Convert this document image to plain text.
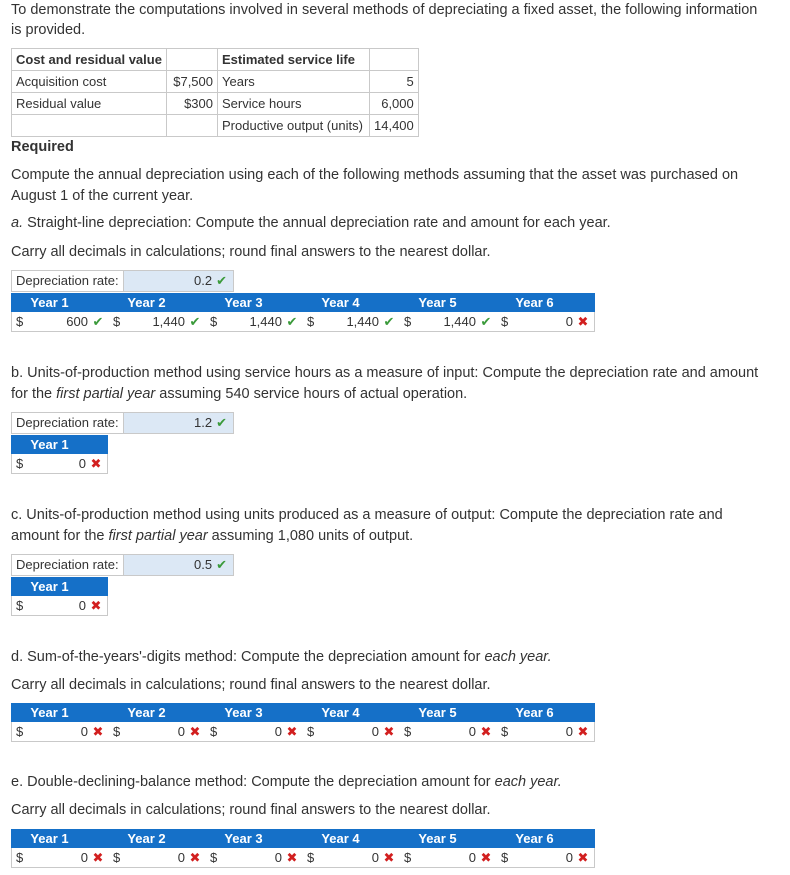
To demonstrate the computations involved in several methods of depreciating a fixed asset, the following information

is provided.

Cost and residual value		Estimated service life	
Acquisition cost	$7,500	Years	5
Residual value	$300	Service hours	6,000
		Productive output (units)	14,400

Required

Compute the annual depreciation using each of the following methods assuming that the asset was purchased on

August 1 of the current year.

a. Straight-line depreciation: Compute the annual depreciation rate and amount for each year.

Carry all decimals in calculations; round final answers to the nearest dollar.

Depreciation rate:	0.2 ✔
Year 1	Year 2	Year 3	Year 4	Year 5	Year 6
$	600 ✔ $	1,440 ✔ $	1,440 ✔ $	1,440 ✔ $	1,440 ✔ $	0 ✖

b. Units-of-production method using service hours as a measure of input: Compute the depreciation rate and amount

for the first partial year assuming 540 service hours of actual operation.

Depreciation rate:	1.2 ✔
Year 1
$	0 ✖

c. Units-of-production method using units produced as a measure of output: Compute the depreciation rate and

amount for the first partial year assuming 1,080 units of output.

Depreciation rate:	0.5 ✔
Year 1
$	0 ✖

d. Sum-of-the-years'-digits method: Compute the depreciation amount for each year.

Carry all decimals in calculations; round final answers to the nearest dollar.

Year 1	Year 2	Year 3	Year 4	Year 5	Year 6
$	0 ✖ $	0 ✖ $	0 ✖ $	0 ✖ $	0 ✖ $	0 ✖

e. Double-declining-balance method: Compute the depreciation amount for each year.

Carry all decimals in calculations; round final answers to the nearest dollar.

Year 1	Year 2	Year 3	Year 4	Year 5	Year 6
$	0 ✖ $	0 ✖ $	0 ✖ $	0 ✖ $	0 ✖ $	0 ✖
